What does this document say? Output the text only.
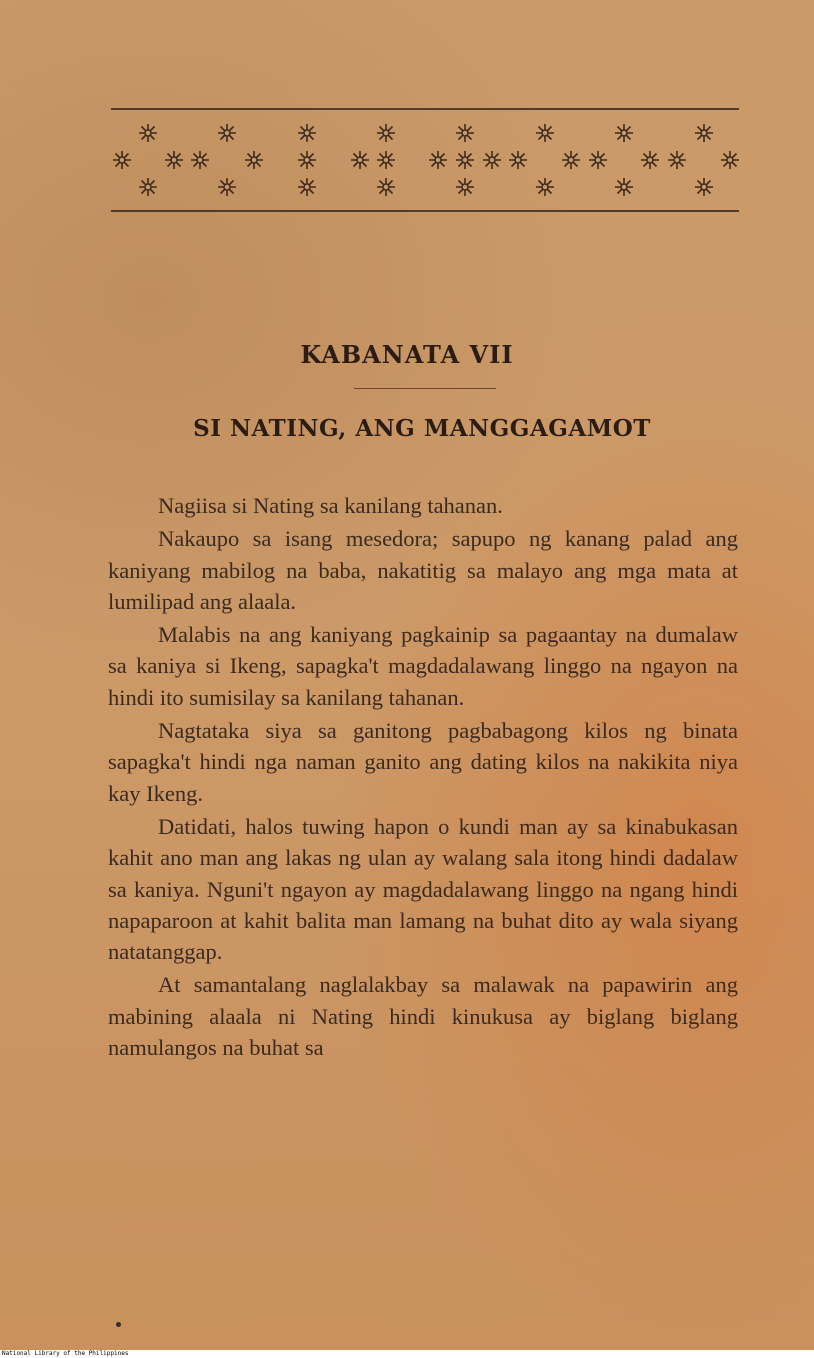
KABANATA VII
SI NATING, ANG MANGGAGAMOT

Nagiisa si Nating sa kanilang tahanan.

Nakaupo sa isang mesedora; sapupo ng kanang palad ang kaniyang mabilog na baba, nakatitig sa malayo ang mga mata at lumilipad ang alaala.

Malabis na ang kaniyang pagkainip sa pagaantay na dumalaw sa kaniya si Ikeng, sapagka't magdadalawang linggo na ngayon na hindi ito sumisilay sa kanilang tahanan.

Nagtataka siya sa ganitong pagbabagong kilos ng binata sapagka't hindi nga naman ganito ang dating kilos na nakikita niya kay Ikeng.

Datidati, halos tuwing hapon o kundi man ay sa kinabukasan kahit ano man ang lakas ng ulan ay walang sala itong hindi dadalaw sa kaniya. Nguni't ngayon ay magdadalawang linggo na ngang hindi napaparoon at kahit balita man lamang na buhat dito ay wala siyang natatanggap.

At samantalang naglalakbay sa malawak na papawirin ang mabining alaala ni Nating hindi kinukusa ay biglang biglang namulangos na buhat sa

National Library of the Philippines
